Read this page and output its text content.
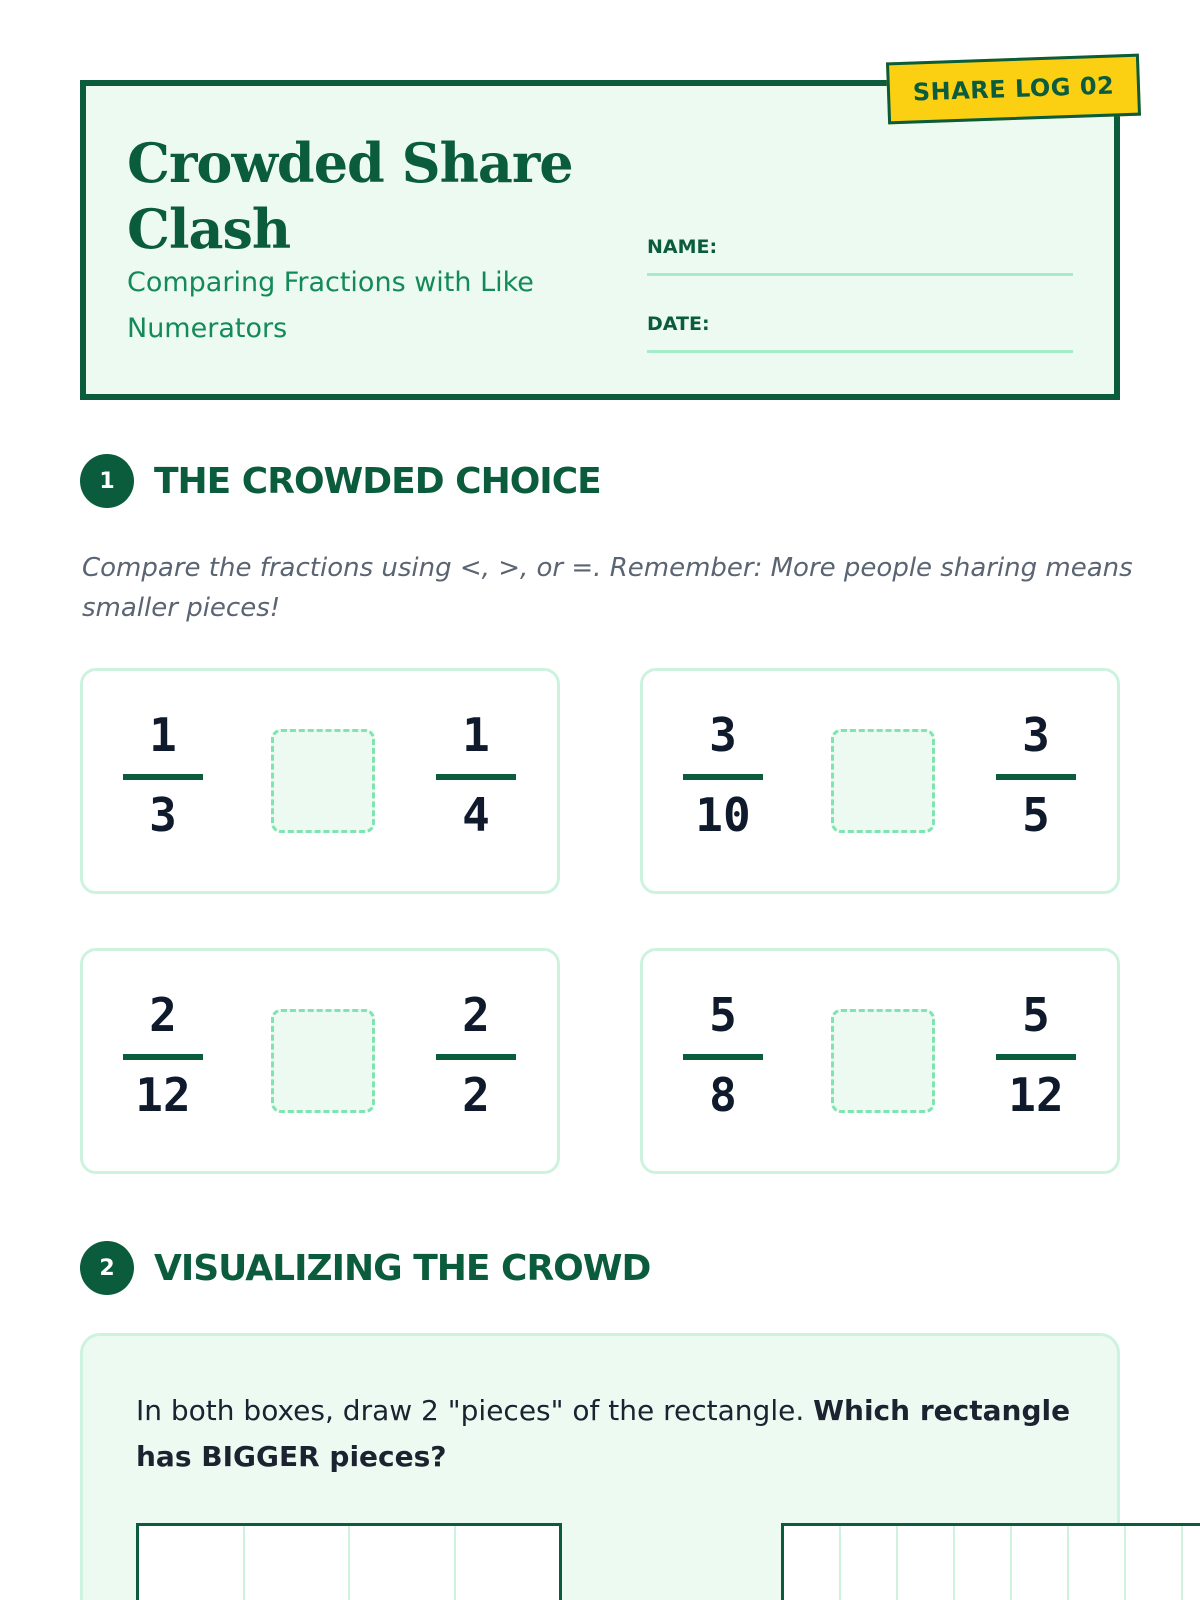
SHARE LOG 02
Crowded Share Clash
Comparing Fractions with Like Numerators
NAME:
DATE:
1	THE CROWDED CHOICE
Compare the fractions using <, >, or =. Remember: More people sharing means smaller pieces!
1
3
1
4
3
10
3
5
2
12
2
2
5
8
5
12
2	VISUALIZING THE CROWD
In both boxes, draw 2 "pieces" of the rectangle. Which rectangle has BIGGER pieces?
